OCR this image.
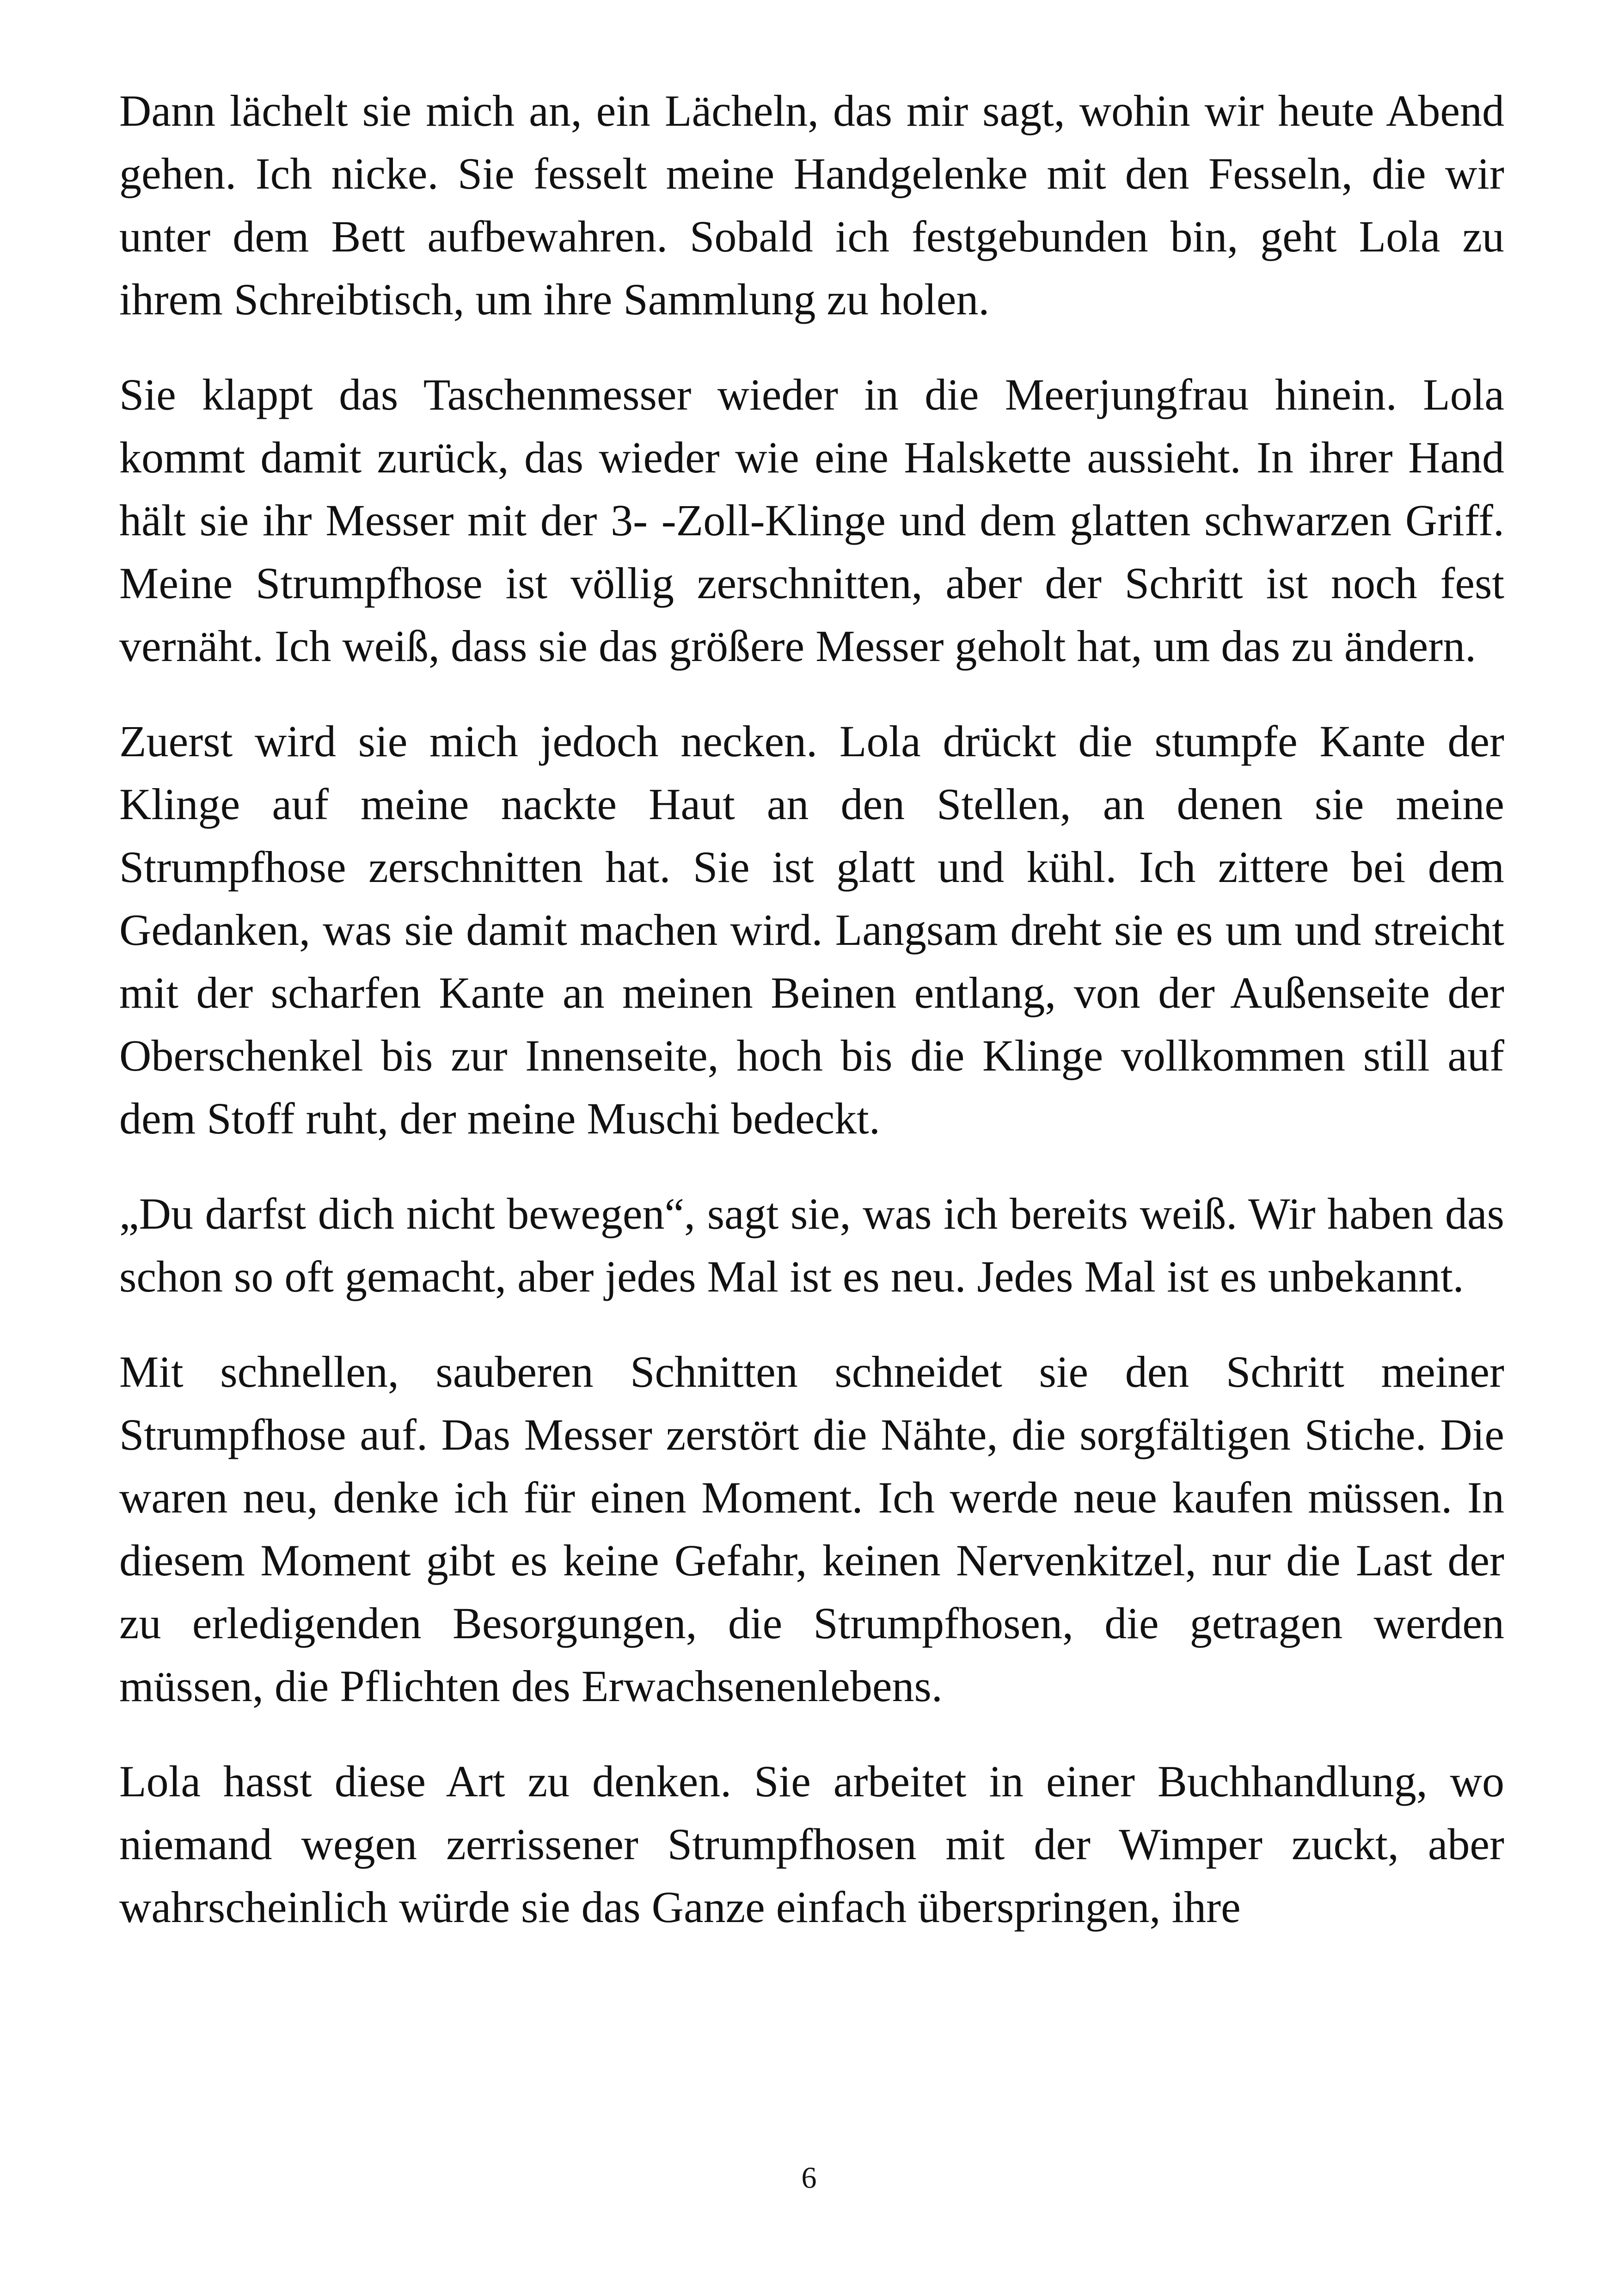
Dann lächelt sie mich an, ein Lächeln, das mir sagt, wohin wir heute Abend gehen. Ich nicke. Sie fesselt meine Handgelenke mit den Fesseln, die wir unter dem Bett aufbewahren. Sobald ich festgebunden bin, geht Lola zu ihrem Schreibtisch, um ihre Sammlung zu holen.

Sie klappt das Taschenmesser wieder in die Meerjungfrau hinein. Lola kommt damit zurück, das wieder wie eine Halskette aussieht. In ihrer Hand hält sie ihr Messer mit der 3- -Zoll-Klinge und dem glatten schwarzen Griff. Meine Strumpfhose ist völlig zerschnitten, aber der Schritt ist noch fest vernäht. Ich weiß, dass sie das größere Messer geholt hat, um das zu ändern.

Zuerst wird sie mich jedoch necken. Lola drückt die stumpfe Kante der Klinge auf meine nackte Haut an den Stellen, an denen sie meine Strumpfhose zerschnitten hat. Sie ist glatt und kühl. Ich zittere bei dem Gedanken, was sie damit machen wird. Langsam dreht sie es um und streicht mit der scharfen Kante an meinen Beinen entlang, von der Außenseite der Oberschenkel bis zur Innenseite, hoch bis die Klinge vollkommen still auf dem Stoff ruht, der meine Muschi bedeckt.

„Du darfst dich nicht bewegen“, sagt sie, was ich bereits weiß. Wir haben das schon so oft gemacht, aber jedes Mal ist es neu. Jedes Mal ist es unbekannt.

Mit schnellen, sauberen Schnitten schneidet sie den Schritt meiner Strumpfhose auf. Das Messer zerstört die Nähte, die sorgfältigen Stiche. Die waren neu, denke ich für einen Moment. Ich werde neue kaufen müssen. In diesem Moment gibt es keine Gefahr, keinen Nervenkitzel, nur die Last der zu erledigenden Besorgungen, die Strumpfhosen, die getragen werden müssen, die Pflichten des Erwachsenenlebens.

Lola hasst diese Art zu denken. Sie arbeitet in einer Buchhandlung, wo niemand wegen zerrissener Strumpfhosen mit der Wimper zuckt, aber wahrscheinlich würde sie das Ganze einfach überspringen, ihre

6
